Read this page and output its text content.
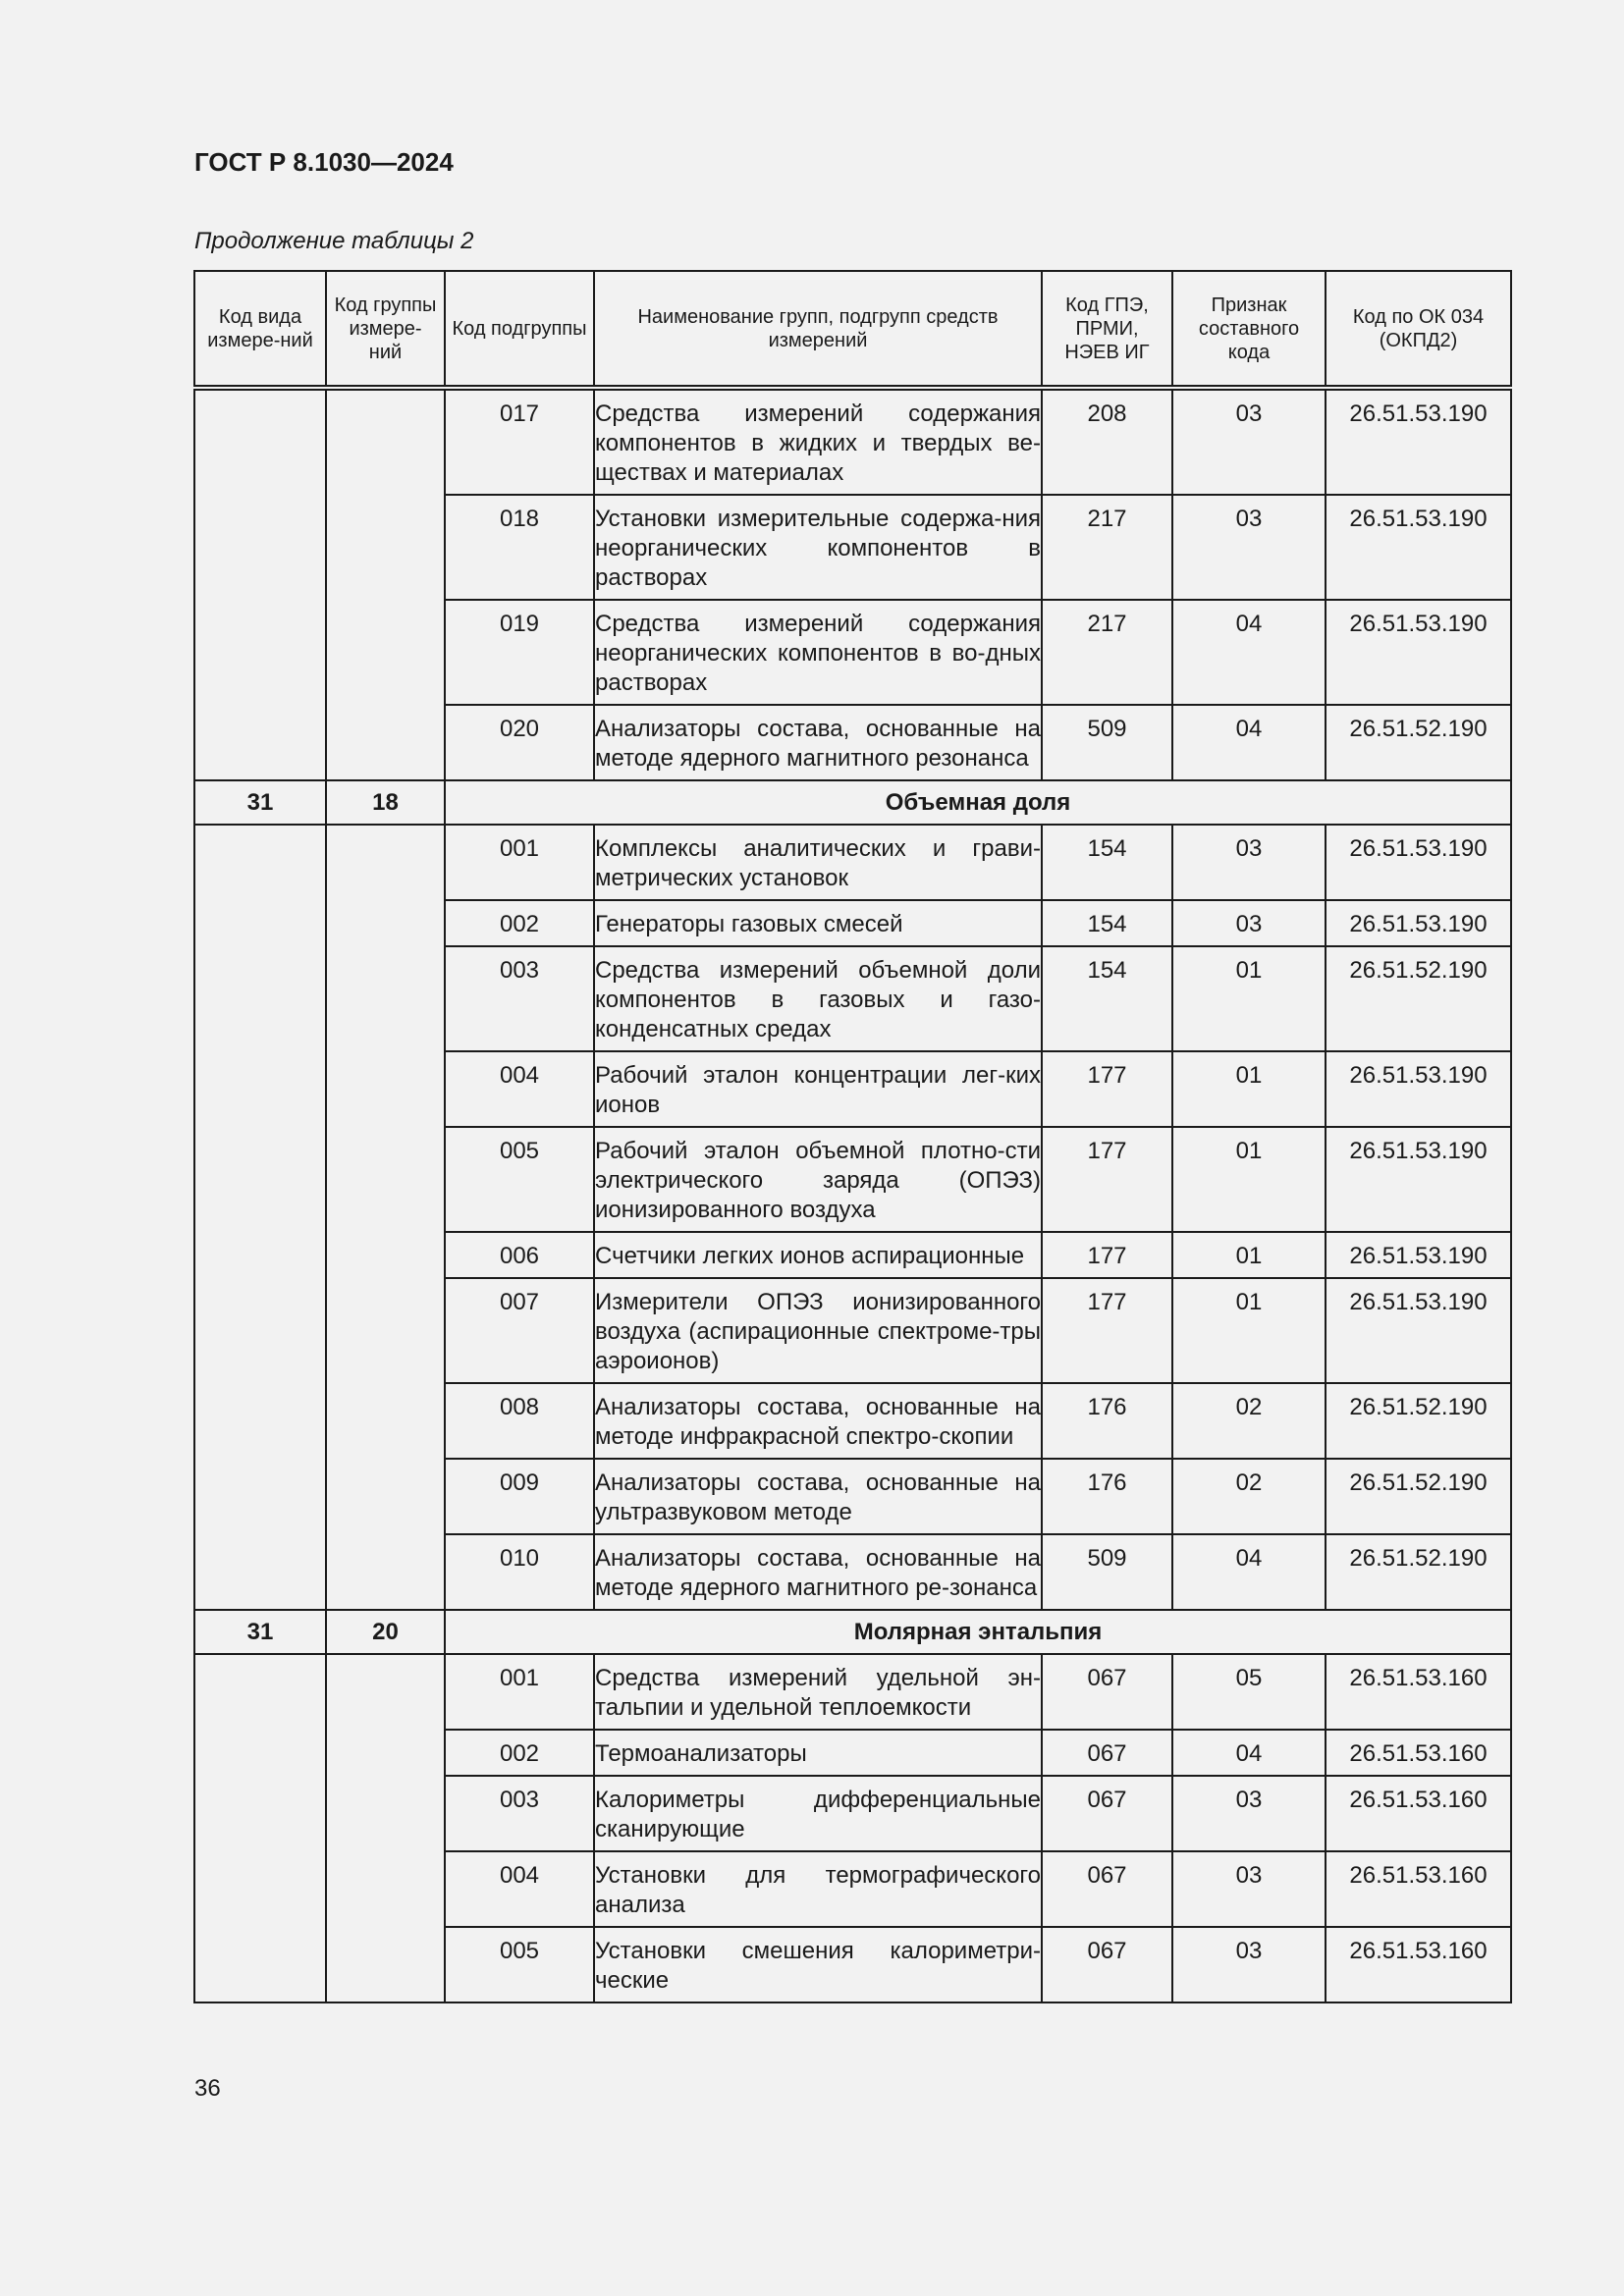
ГОСТ Р 8.1030—2024

Продолжение таблицы 2

Код вида измере-ний	Код группы измере-ний	Код подгруппы	Наименование групп, подгрупп средств измерений	Код ГПЭ, ПРМИ, НЭЕВ ИГ	Признак составного кода	Код по ОК 034 (ОКПД2)
		017	Средства измерений содержания компонентов в жидких и твердых ве-ществах и материалах	208	03	26.51.53.190
		018	Установки измерительные содержа-ния неорганических компонентов в растворах	217	03	26.51.53.190
		019	Средства измерений содержания неорганических компонентов в во-дных растворах	217	04	26.51.53.190
		020	Анализаторы состава, основанные на методе ядерного магнитного резонанса	509	04	26.51.52.190
31	18	Объемная доля				
		001	Комплексы аналитических и грави-метрических установок	154	03	26.51.53.190
		002	Генераторы газовых смесей	154	03	26.51.53.190
		003	Средства измерений объемной доли компонентов в газовых и газо-конденсатных средах	154	01	26.51.52.190
		004	Рабочий эталон концентрации лег-ких ионов	177	01	26.51.53.190
		005	Рабочий эталон объемной плотно-сти электрического заряда (ОПЭЗ) ионизированного воздуха	177	01	26.51.53.190
		006	Счетчики легких ионов аспирационные	177	01	26.51.53.190
		007	Измерители ОПЭЗ ионизированного воздуха (аспирационные спектроме-тры аэроионов)	177	01	26.51.53.190
		008	Анализаторы состава, основанные на методе инфракрасной спектро-скопии	176	02	26.51.52.190
		009	Анализаторы состава, основанные на ультразвуковом методе	176	02	26.51.52.190
		010	Анализаторы состава, основанные на методе ядерного магнитного ре-зонанса	509	04	26.51.52.190
31	20	Молярная энтальпия				
		001	Средства измерений удельной эн-тальпии и удельной теплоемкости	067	05	26.51.53.160
		002	Термоанализаторы	067	04	26.51.53.160
		003	Калориметры дифференциальные сканирующие	067	03	26.51.53.160
		004	Установки для термографического анализа	067	03	26.51.53.160
		005	Установки смешения калориметри-ческие	067	03	26.51.53.160

36
